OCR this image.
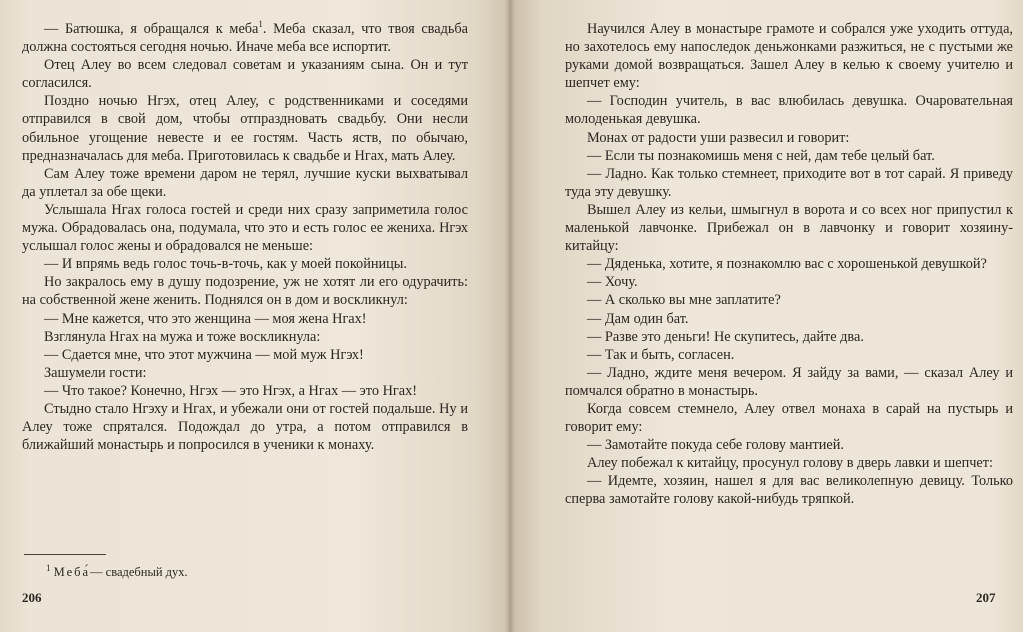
— Батюшка, я обращался к меба$^1$. Меба сказал, что твоя свадьба должна состояться сегодня ночью. Иначе меба все испортит.

Отец Алеу во всем следовал советам и указаниям сына. Он и тут согласился.

Поздно ночью Нгэх, отец Алеу, с родственниками и соседями отправился в свой дом, чтобы отпраздновать свадьбу. Они несли обильное угощение невесте и ее гостям. Часть яств, по обычаю, предназначалась для меба. Приготовилась к свадьбе и Нгах, мать Алеу.

Сам Алеу тоже времени даром не терял, лучшие куски выхватывал да уплетал за обе щеки.

Услышала Нгах голоса гостей и среди них сразу заприметила голос мужа. Обрадовалась она, подумала, что это и есть голос ее жениха. Нгэх услышал голос жены и обрадовался не меньше:

— И впрямь ведь голос точь-в-точь, как у моей покойницы.

Но закралось ему в душу подозрение, уж не хотят ли его одурачить: на собственной жене женить. Поднялся он в дом и воскликнул:

— Мне кажется, что это женщина — моя жена Нгах!

Взглянула Нгах на мужа и тоже воскликнула:

— Сдается мне, что этот мужчина — мой муж Нгэх!

Зашумели гости:

— Что такое? Конечно, Нгэх — это Нгэх, а Нгах — это Нгах!

Стыдно стало Нгэху и Нгах, и убежали они от гостей подальше. Ну и Алеу тоже спрятался. Подождал до утра, а потом отправился в ближайший монастырь и попросился в ученики к монаху.

$^1$ Меба́— свадебный дух.
206

Научился Алеу в монастыре грамоте и собрался уже уходить оттуда, но захотелось ему напоследок деньжонками разжиться, не с пустыми же руками домой возвращаться. Зашел Алеу в келью к своему учителю и шепчет ему:

— Господин учитель, в вас влюбилась девушка. Очаровательная молоденькая девушка.

Монах от радости уши развесил и говорит:

— Если ты познакомишь меня с ней, дам тебе целый бат.

— Ладно. Как только стемнеет, приходите вот в тот сарай. Я приведу туда эту девушку.

Вышел Алеу из кельи, шмыгнул в ворота и со всех ног припустил к маленькой лавчонке. Прибежал он в лавчонку и говорит хозяину-китайцу:

— Дяденька, хотите, я познакомлю вас с хорошенькой девушкой?

— Хочу.

— А сколько вы мне заплатите?

— Дам один бат.

— Разве это деньги! Не скупитесь, дайте два.

— Так и быть, согласен.

— Ладно, ждите меня вечером. Я зайду за вами, — сказал Алеу и помчался обратно в монастырь.

Когда совсем стемнело, Алеу отвел монаха в сарай на пустырь и говорит ему:

— Замотайте покуда себе голову мантией.

Алеу побежал к китайцу, просунул голову в дверь лавки и шепчет:

— Идемте, хозяин, нашел я для вас великолепную девицу. Только сперва замотайте голову какой-нибудь тряпкой.

207
